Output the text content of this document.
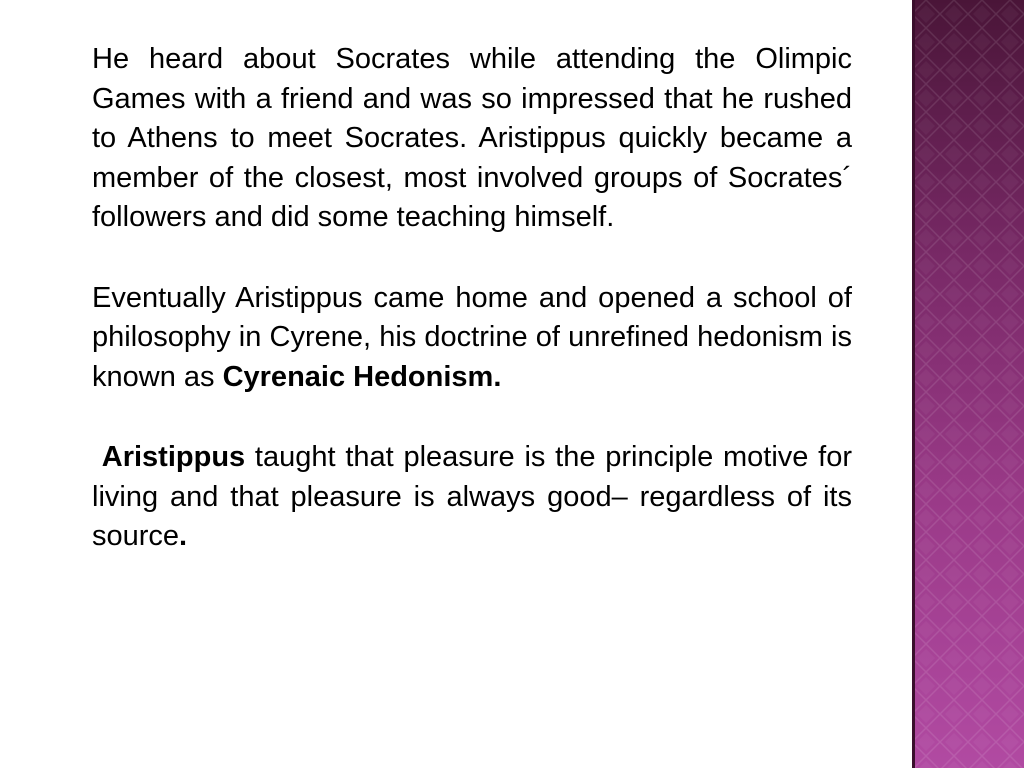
He heard about Socrates while attending the Olimpic Games with a friend and was so impressed that he rushed to Athens to meet Socrates. Aristippus quickly became a member of the closest, most involved groups of Socrates´ followers and did some teaching himself.

Eventually Aristippus came home and opened a school of philosophy in Cyrene, his doctrine of unrefined hedonism is known as Cyrenaic Hedonism.

Aristippus taught that pleasure is the principle motive for living and that pleasure is always good– regardless of its source.
